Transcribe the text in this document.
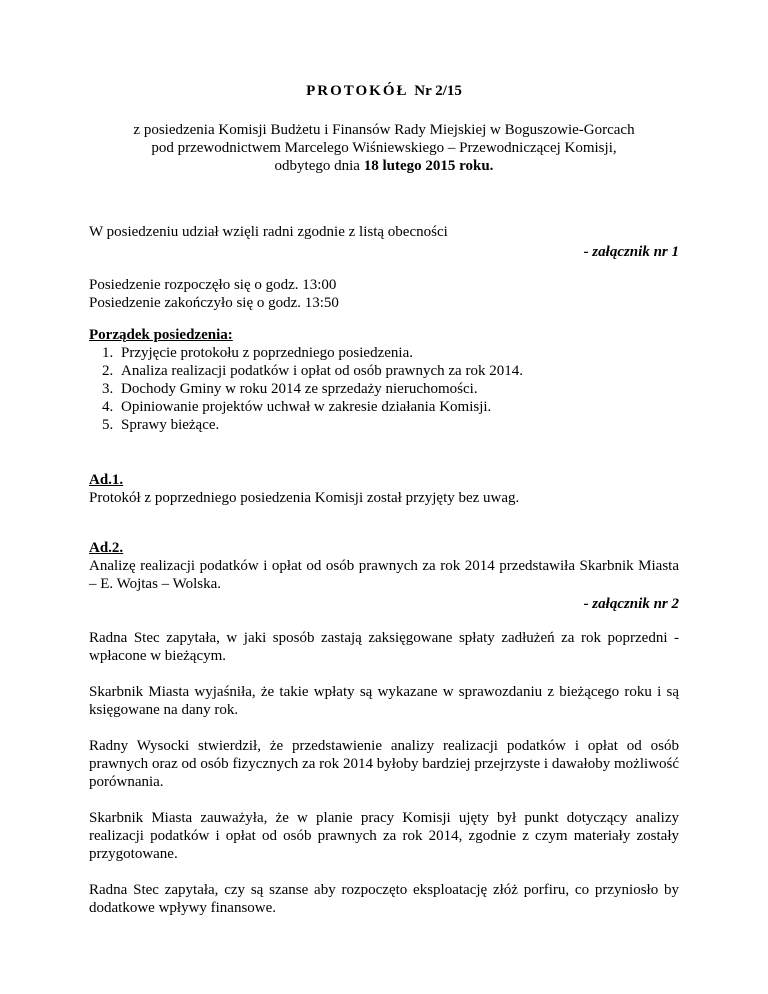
PROTOKÓŁ Nr 2/15
z posiedzenia Komisji Budżetu i Finansów Rady Miejskiej w Boguszowie-Gorcach
pod przewodnictwem Marcelego Wiśniewskiego – Przewodniczącej Komisji,
odbytego dnia 18 lutego 2015 roku.

W posiedzeniu udział wzięli radni zgodnie z listą obecności

- załącznik nr 1

Posiedzenie rozpoczęło się o godz. 13:00

Posiedzenie zakończyło się o godz. 13:50

Porządek posiedzenia:

1. Przyjęcie protokołu z poprzedniego posiedzenia.
2. Analiza realizacji podatków i opłat od osób prawnych za rok 2014.
3. Dochody Gminy w roku 2014 ze sprzedaży nieruchomości.
4. Opiniowanie projektów uchwał w zakresie działania Komisji.
5. Sprawy bieżące.

Ad.1.

Protokół z poprzedniego posiedzenia Komisji został przyjęty bez uwag.

Ad.2.

Analizę realizacji podatków i opłat od osób prawnych za rok 2014 przedstawiła Skarbnik Miasta – E. Wojtas – Wolska.

- załącznik nr 2

Radna Stec zapytała, w jaki sposób zastają zaksięgowane spłaty zadłużeń za rok poprzedni - wpłacone w bieżącym.
Skarbnik Miasta wyjaśniła, że takie wpłaty są wykazane w sprawozdaniu z bieżącego roku i są księgowane na dany rok.
Radny Wysocki stwierdził, że przedstawienie analizy realizacji podatków i opłat od osób prawnych oraz od osób fizycznych za rok 2014 byłoby bardziej przejrzyste i dawałoby możliwość porównania.
Skarbnik Miasta zauważyła, że w planie pracy Komisji ujęty był punkt dotyczący analizy realizacji podatków i opłat od osób prawnych za rok 2014, zgodnie z czym materiały zostały przygotowane.
Radna Stec zapytała, czy są szanse aby rozpoczęto eksploatację złóż porfiru, co przyniosło by dodatkowe wpływy finansowe.
